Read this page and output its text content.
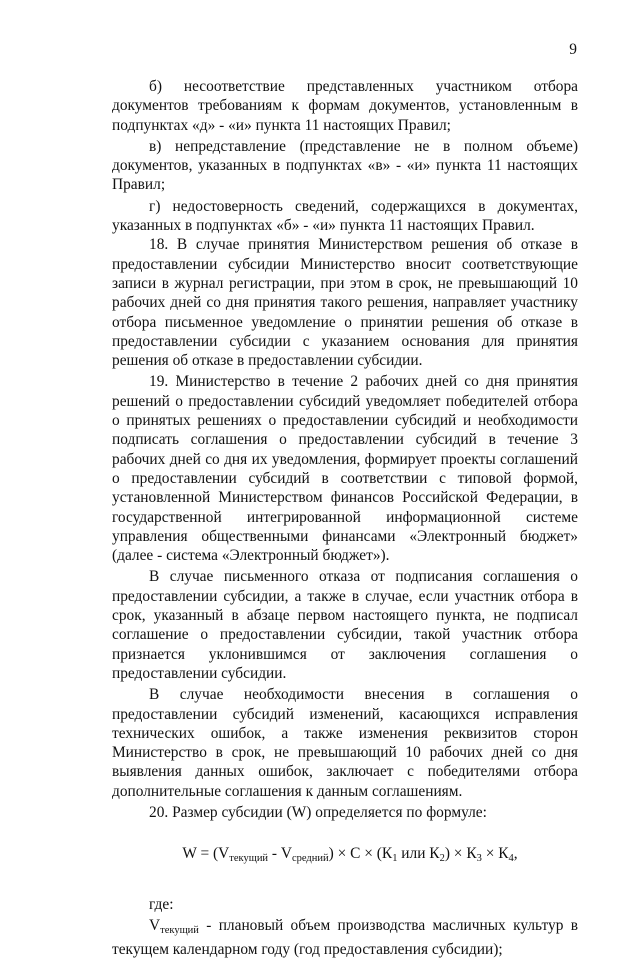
9

б) несоответствие представленных участником отбора документов требованиям к формам документов, установленным в подпунктах «д» - «и» пункта 11 настоящих Правил;

в) непредставление (представление не в полном объеме) документов, указанных в подпунктах «в» - «и» пункта 11 настоящих Правил;

г) недостоверность сведений, содержащихся в документах, указанных в подпунктах «б» - «и» пункта 11 настоящих Правил.

18. В случае принятия Министерством решения об отказе в предоставлении субсидии Министерство вносит соответствующие записи в журнал регистрации, при этом в срок, не превышающий 10 рабочих дней со дня принятия такого решения, направляет участнику отбора письменное уведомление о принятии решения об отказе в предоставлении субсидии с указанием основания для принятия решения об отказе в предоставлении субсидии.

19. Министерство в течение 2 рабочих дней со дня принятия решений о предоставлении субсидий уведомляет победителей отбора о принятых решениях о предоставлении субсидий и необходимости подписать соглашения о предоставлении субсидий в течение 3 рабочих дней со дня их уведомления, формирует проекты соглашений о предоставлении субсидий в соответствии с типовой формой, установленной Министерством финансов Российской Федерации, в государственной интегрированной информационной системе управления общественными финансами «Электронный бюджет» (далее - система «Электронный бюджет»).

В случае письменного отказа от подписания соглашения о предоставлении субсидии, а также в случае, если участник отбора в срок, указанный в абзаце первом настоящего пункта, не подписал соглашение о предоставлении субсидии, такой участник отбора признается уклонившимся от заключения соглашения о предоставлении субсидии.

В случае необходимости внесения в соглашения о предоставлении субсидий изменений, касающихся исправления технических ошибок, а также изменения реквизитов сторон Министерство в срок, не превышающий 10 рабочих дней со дня выявления данных ошибок, заключает с победителями отбора дополнительные соглашения к данным соглашениям.

20. Размер субсидии (W) определяется по формуле:

$W = (V_{текущий} - V_{средний}) \times С \times (К_1$ или $К_2) \times К_3 \times К_4$,

где:

$V_{текущий}$ - плановый объем производства масличных культур в текущем календарном году (год предоставления субсидии);
